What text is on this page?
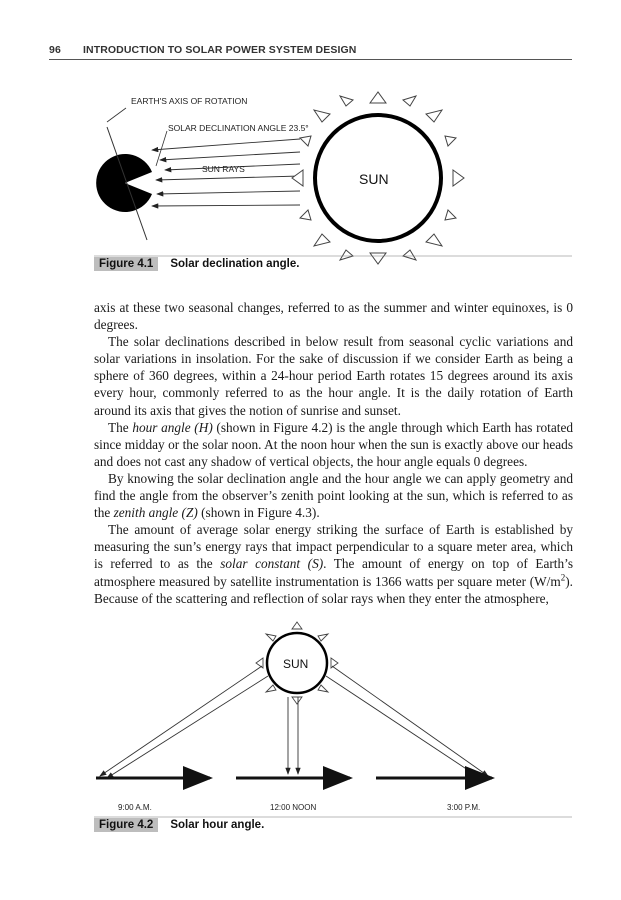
96 INTRODUCTION TO SOLAR POWER SYSTEM DESIGN
EARTH'S AXIS OF ROTATION
SOLAR DECLINATION ANGLE 23.5°
SUN RAYS
SUN
SUN
9:00 A.M.	12:00 NOON	3:00 P.M.
Figure 4.1 Solar declination angle.

axis at these two seasonal changes, referred to as the summer and winter equinoxes, is 0 degrees.

The solar declinations described in below result from seasonal cyclic variations and solar variations in insolation. For the sake of discussion if we consider Earth as being a sphere of 360 degrees, within a 24-hour period Earth rotates 15 degrees around its axis every hour, commonly referred to as the hour angle. It is the daily rotation of Earth around its axis that gives the notion of sunrise and sunset.

The hour angle (H) (shown in Figure 4.2) is the angle through which Earth has rotated since midday or the solar noon. At the noon hour when the sun is exactly above our heads and does not cast any shadow of vertical objects, the hour angle equals 0 degrees.

By knowing the solar declination angle and the hour angle we can apply geometry and find the angle from the observer’s zenith point looking at the sun, which is referred to as the zenith angle (Z) (shown in Figure 4.3).

The amount of average solar energy striking the surface of Earth is established by measuring the sun’s energy rays that impact perpendicular to a square meter area, which is referred to as the solar constant (S). The amount of energy on top of Earth’s atmosphere measured by satellite instrumentation is 1366 watts per square meter $(W/m^2)$. Because of the scattering and reflection of solar rays when they enter the atmosphere,

Figure 4.2 Solar hour angle.
